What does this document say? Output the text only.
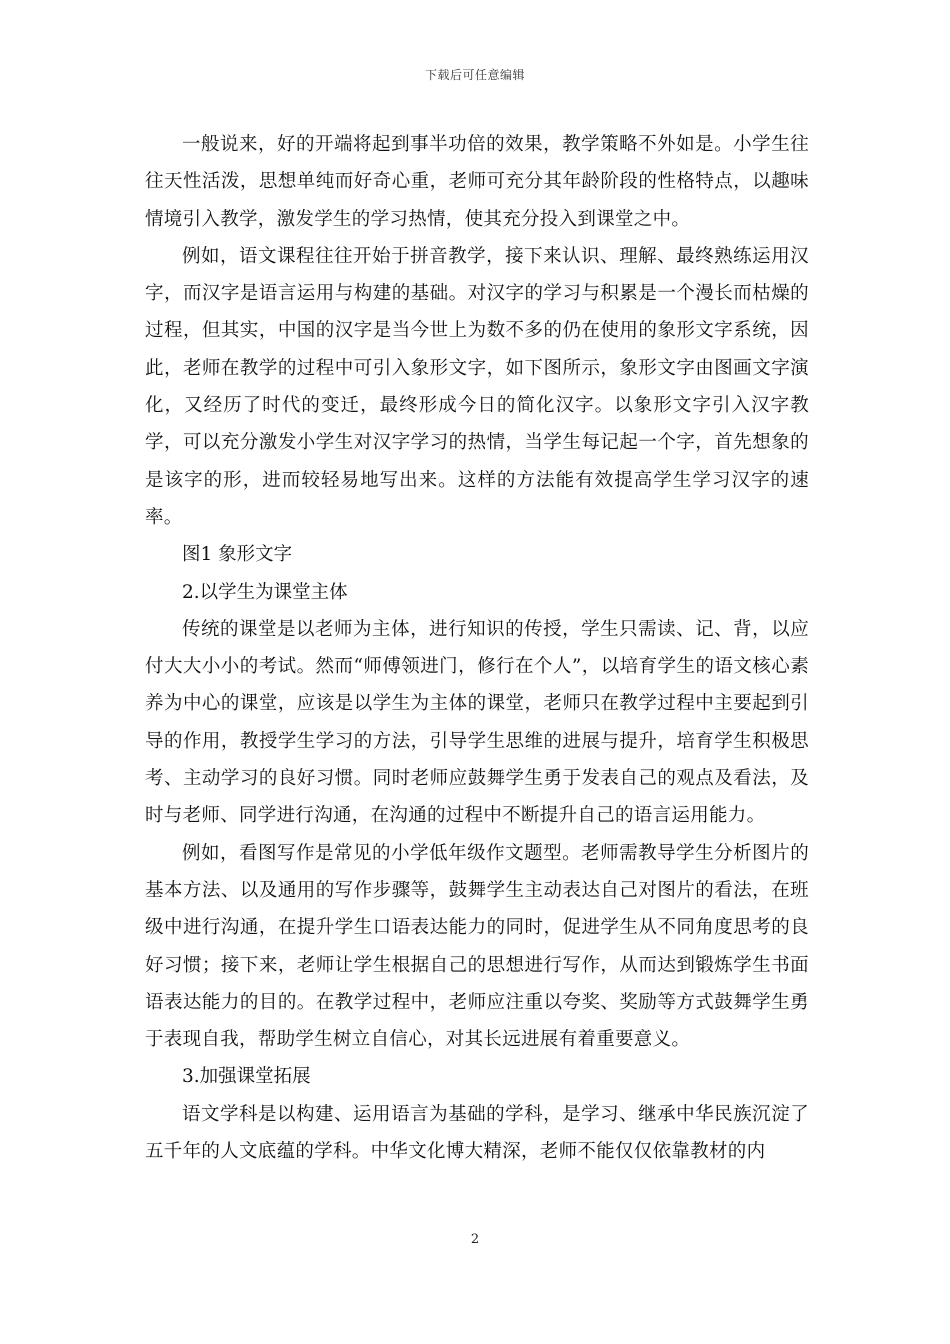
下载后可任意编辑

一般说来，好的开端将起到事半功倍的效果，教学策略不外如是。小学生往往天性活泼，思想单纯而好奇心重，老师可充分其年龄阶段的性格特点，以趣味情境引入教学，激发学生的学习热情，使其充分投入到课堂之中。

例如，语文课程往往开始于拼音教学，接下来认识、理解、最终熟练运用汉字，而汉字是语言运用与构建的基础。对汉字的学习与积累是一个漫长而枯燥的过程，但其实，中国的汉字是当今世上为数不多的仍在使用的象形文字系统，因此，老师在教学的过程中可引入象形文字，如下图所示，象形文字由图画文字演化，又经历了时代的变迁，最终形成今日的简化汉字。以象形文字引入汉字教学，可以充分激发小学生对汉字学习的热情，当学生每记起一个字，首先想象的是该字的形，进而较轻易地写出来。这样的方法能有效提高学生学习汉字的速率。

图1 象形文字

2.以学生为课堂主体

传统的课堂是以老师为主体，进行知识的传授，学生只需读、记、背，以应付大大小小的考试。然而“师傅领进门，修行在个人”，以培育学生的语文核心素养为中心的课堂，应该是以学生为主体的课堂，老师只在教学过程中主要起到引导的作用，教授学生学习的方法，引导学生思维的进展与提升，培育学生积极思考、主动学习的良好习惯。同时老师应鼓舞学生勇于发表自己的观点及看法，及时与老师、同学进行沟通，在沟通的过程中不断提升自己的语言运用能力。

例如，看图写作是常见的小学低年级作文题型。老师需教导学生分析图片的基本方法、以及通用的写作步骤等，鼓舞学生主动表达自己对图片的看法，在班级中进行沟通，在提升学生口语表达能力的同时，促进学生从不同角度思考的良好习惯；接下来，老师让学生根据自己的思想进行写作，从而达到锻炼学生书面语表达能力的目的。在教学过程中，老师应注重以夸奖、奖励等方式鼓舞学生勇于表现自我，帮助学生树立自信心，对其长远进展有着重要意义。

3.加强课堂拓展

语文学科是以构建、运用语言为基础的学科，是学习、继承中华民族沉淀了五千年的人文底蕴的学科。中华文化博大精深，老师不能仅仅依靠教材的内

2
